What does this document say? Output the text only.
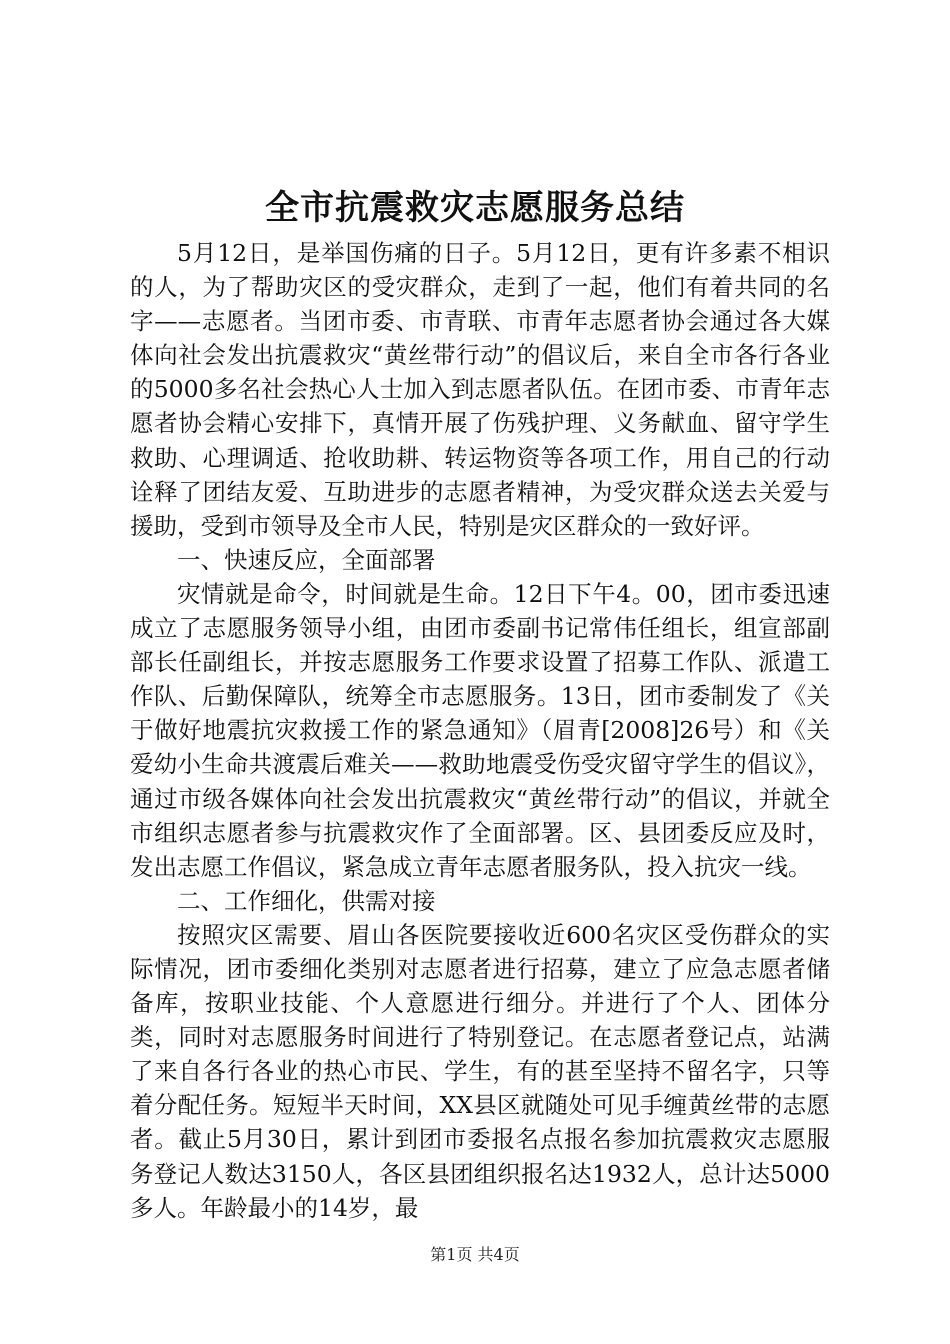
全市抗震救灾志愿服务总结

5月12日，是举国伤痛的日子。5月12日，更有许多素不相识的人，为了帮助灾区的受灾群众，走到了一起，他们有着共同的名字——志愿者。当团市委、市青联、市青年志愿者协会通过各大媒体向社会发出抗震救灾“黄丝带行动”的倡议后，来自全市各行各业的5000多名社会热心人士加入到志愿者队伍。在团市委、市青年志愿者协会精心安排下，真情开展了伤残护理、义务献血、留守学生救助、心理调适、抢收助耕、转运物资等各项工作，用自己的行动诠释了团结友爱、互助进步的志愿者精神，为受灾群众送去关爱与援助，受到市领导及全市人民，特别是灾区群众的一致好评。

一、快速反应，全面部署

灾情就是命令，时间就是生命。12日下午4。00，团市委迅速成立了志愿服务领导小组，由团市委副书记常伟任组长，组宣部副部长任副组长，并按志愿服务工作要求设置了招募工作队、派遣工作队、后勤保障队，统筹全市志愿服务。13日，团市委制发了《关于做好地震抗灾救援工作的紧急通知》（眉青[2008]26号）和《关爱幼小生命共渡震后难关——救助地震受伤受灾留守学生的倡议》，通过市级各媒体向社会发出抗震救灾“黄丝带行动”的倡议，并就全市组织志愿者参与抗震救灾作了全面部署。区、县团委反应及时，发出志愿工作倡议，紧急成立青年志愿者服务队，投入抗灾一线。

二、工作细化，供需对接

按照灾区需要、眉山各医院要接收近600名灾区受伤群众的实际情况，团市委细化类别对志愿者进行招募，建立了应急志愿者储备库，按职业技能、个人意愿进行细分。并进行了个人、团体分类，同时对志愿服务时间进行了特别登记。在志愿者登记点，站满了来自各行各业的热心市民、学生，有的甚至坚持不留名字，只等着分配任务。短短半天时间，XX县区就随处可见手缠黄丝带的志愿者。截止5月30日，累计到团市委报名点报名参加抗震救灾志愿服务登记人数达3150人，各区县团组织报名达1932人，总计达5000多人。年龄最小的14岁，最

第1页 共4页
